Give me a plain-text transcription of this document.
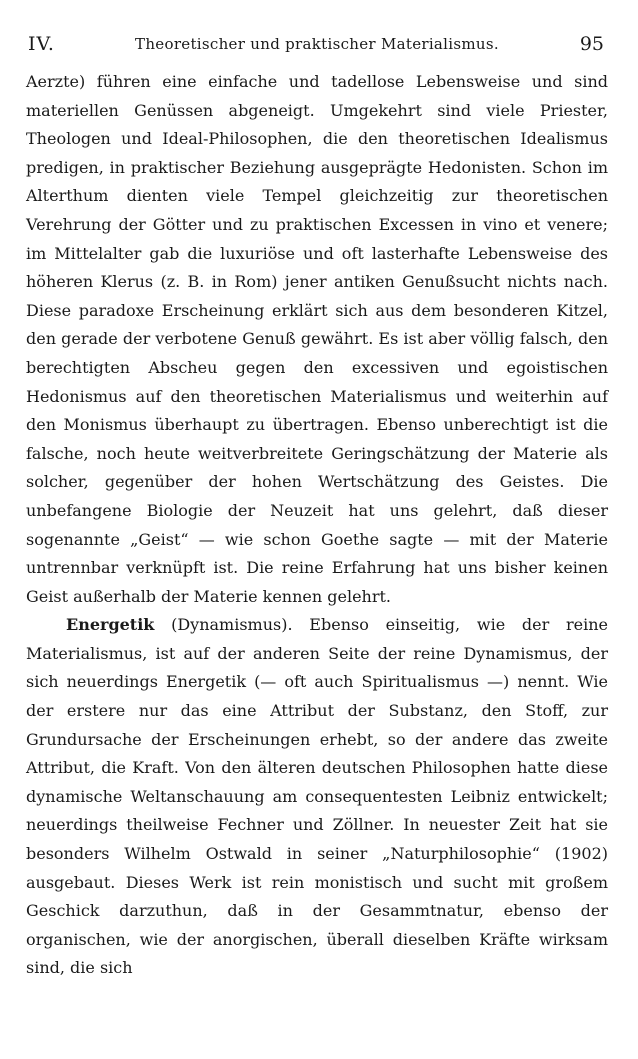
IV.	Theoretischer und praktischer Materialismus.	95

Aerzte) führen eine einfache und tadellose Lebensweise und sind materiellen Genüssen abgeneigt. Umgekehrt sind viele Priester, Theologen und Ideal-Philosophen, die den theoretischen Idealismus predigen, in praktischer Beziehung ausgeprägte Hedonisten. Schon im Alterthum dienten viele Tempel gleichzeitig zur theoretischen Verehrung der Götter und zu praktischen Excessen in vino et venere; im Mittelalter gab die luxuriöse und oft lasterhafte Lebensweise des höheren Klerus (z. B. in Rom) jener antiken Genußsucht nichts nach. Diese paradoxe Erscheinung erklärt sich aus dem besonderen Kitzel, den gerade der verbotene Genuß gewährt. Es ist aber völlig falsch, den berechtigten Abscheu gegen den excessiven und egoistischen Hedonismus auf den theoretischen Materialismus und weiterhin auf den Monismus überhaupt zu übertragen. Ebenso unberechtigt ist die falsche, noch heute weitverbreitete Geringschätzung der Materie als solcher, gegenüber der hohen Wertschätzung des Geistes. Die unbefangene Biologie der Neuzeit hat uns gelehrt, daß dieser sogenannte „Geist“ — wie schon Goethe sagte — mit der Materie untrennbar verknüpft ist. Die reine Erfahrung hat uns bisher keinen Geist außerhalb der Materie kennen gelehrt.

Energetik (Dynamismus). Ebenso einseitig, wie der reine Materialismus, ist auf der anderen Seite der reine Dynamismus, der sich neuerdings Energetik (— oft auch Spiritualismus —) nennt. Wie der erstere nur das eine Attribut der Substanz, den Stoff, zur Grundursache der Erscheinungen erhebt, so der andere das zweite Attribut, die Kraft. Von den älteren deutschen Philosophen hatte diese dynamische Weltanschauung am consequentesten Leibniz entwickelt; neuerdings theilweise Fechner und Zöllner. In neuester Zeit hat sie besonders Wilhelm Ostwald in seiner „Naturphilosophie“ (1902) ausgebaut. Dieses Werk ist rein monistisch und sucht mit großem Geschick darzuthun, daß in der Gesammtnatur, ebenso der organischen, wie der anorgischen, überall dieselben Kräfte wirksam sind, die sich
